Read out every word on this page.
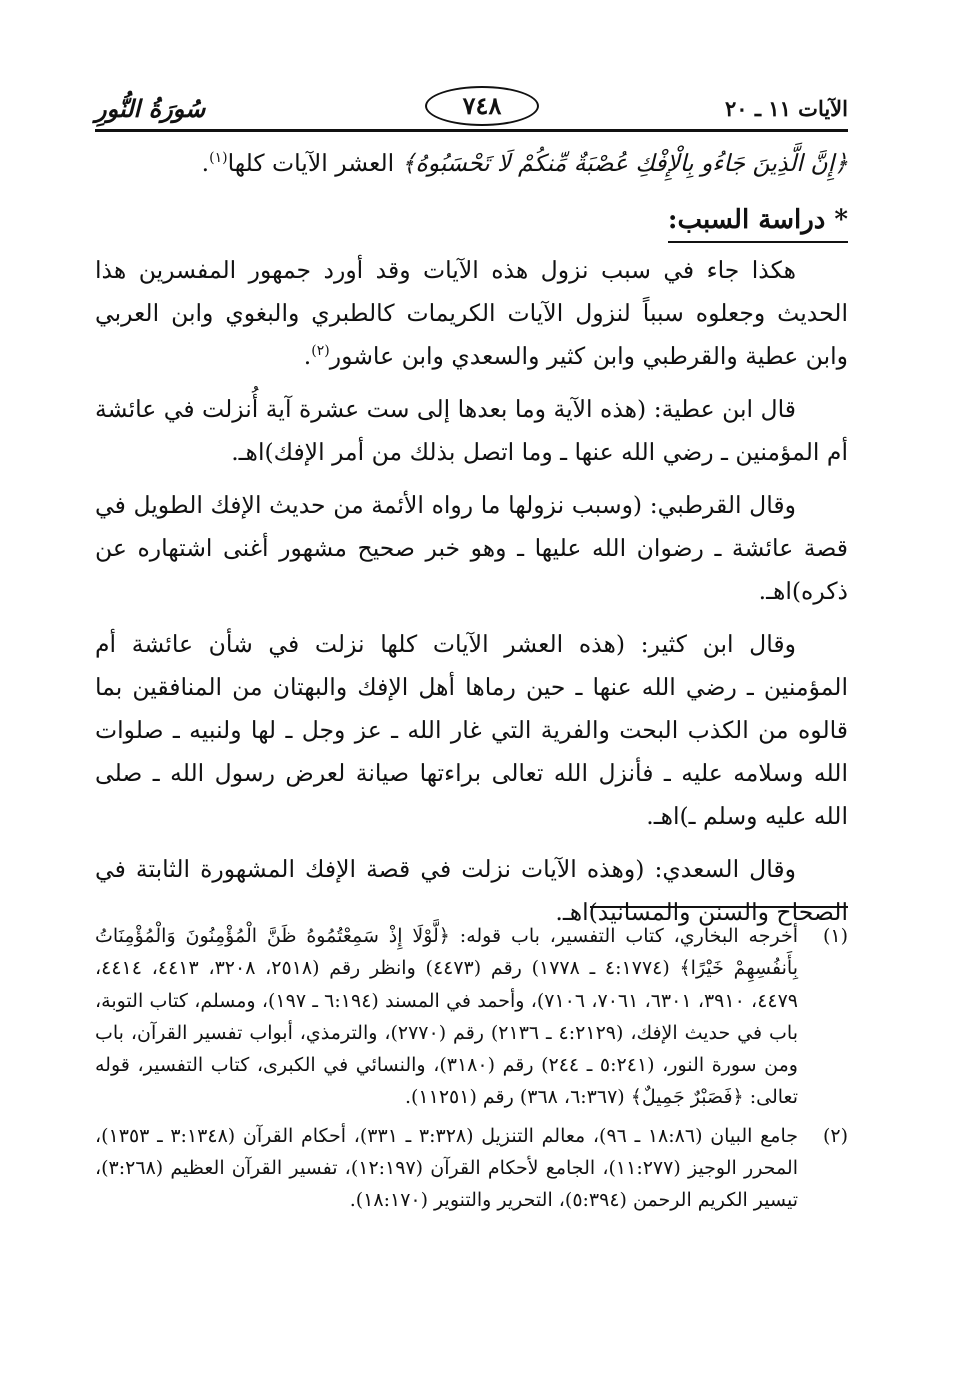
الآيات ١١ ـ ٢٠
٧٤٨
سُورَةُ النُّورِ

﴿إِنَّ الَّذِينَ جَاءُو بِالْإِفْكِ عُصْبَةٌ مِّنكُمْ لَا تَحْسَبُوهُ﴾ العشر الآيات كلها$^{(١)}$.

* دراسة السبب:

هكذا جاء في سبب نزول هذه الآيات وقد أورد جمهور المفسرين هذا الحديث وجعلوه سبباً لنزول الآيات الكريمات كالطبري والبغوي وابن العربي وابن عطية والقرطبي وابن كثير والسعدي وابن عاشور$^{(٢)}$.

قال ابن عطية: (هذه الآية وما بعدها إلى ست عشرة آية أُنزلت في عائشة أم المؤمنين ـ رضي الله عنها ـ وما اتصل بذلك من أمر الإفك)اهـ.

وقال القرطبي: (وسبب نزولها ما رواه الأئمة من حديث الإفك الطويل في قصة عائشة ـ رضوان الله عليها ـ وهو خبر صحيح مشهور أغنى اشتهاره عن ذكره)اهـ.

وقال ابن كثير: (هذه العشر الآيات كلها نزلت في شأن عائشة أم المؤمنين ـ رضي الله عنها ـ حين رماها أهل الإفك والبهتان من المنافقين بما قالوه من الكذب البحت والفرية التي غار الله ـ عز وجل ـ لها ولنبيه ـ صلوات الله وسلامه عليه ـ فأنزل الله تعالى براءتها صيانة لعرض رسول الله ـ صلى الله عليه وسلم ـ)اهـ.

وقال السعدي: (وهذه الآيات نزلت في قصة الإفك المشهورة الثابتة في الصحاح والسنن والمسانيد)اهـ.

(١)
أخرجه البخاري، كتاب التفسير، باب قوله: ﴿لَّوْلَا إِذْ سَمِعْتُمُوهُ ظَنَّ الْمُؤْمِنُونَ وَالْمُؤْمِنَاتُ بِأَنفُسِهِمْ خَيْرًا﴾ (٤:١٧٧٤ ـ ١٧٧٨) رقم (٤٤٧٣) وانظر رقم (٢٥١٨، ٣٢٠٨، ٤٤١٣، ٤٤١٤، ٤٤٧٩، ٣٩١٠، ٦٣٠١، ٧٠٦١، ٧١٠٦)، وأحمد في المسند (٦:١٩٤ ـ ١٩٧)، ومسلم، كتاب التوبة، باب في حديث الإفك، (٤:٢١٢٩ ـ ٢١٣٦) رقم (٢٧٧٠)، والترمذي، أبواب تفسير القرآن، باب ومن سورة النور، (٥:٢٤١ ـ ٢٤٤) رقم (٣١٨٠)، والنسائي في الكبرى، كتاب التفسير، قوله تعالى: ﴿فَصَبْرٌ جَمِيلٌ﴾ (٦:٣٦٧، ٣٦٨) رقم (١١٢٥١).
(٢)
جامع البيان (١٨:٨٦ ـ ٩٦)، معالم التنزيل (٣:٣٢٨ ـ ٣٣١)، أحكام القرآن (٣:١٣٤٨ ـ ١٣٥٣)، المحرر الوجيز (١١:٢٧٧)، الجامع لأحكام القرآن (١٢:١٩٧)، تفسير القرآن العظيم (٣:٢٦٨)، تيسير الكريم الرحمن (٥:٣٩٤)، التحرير والتنوير (١٨:١٧٠).
